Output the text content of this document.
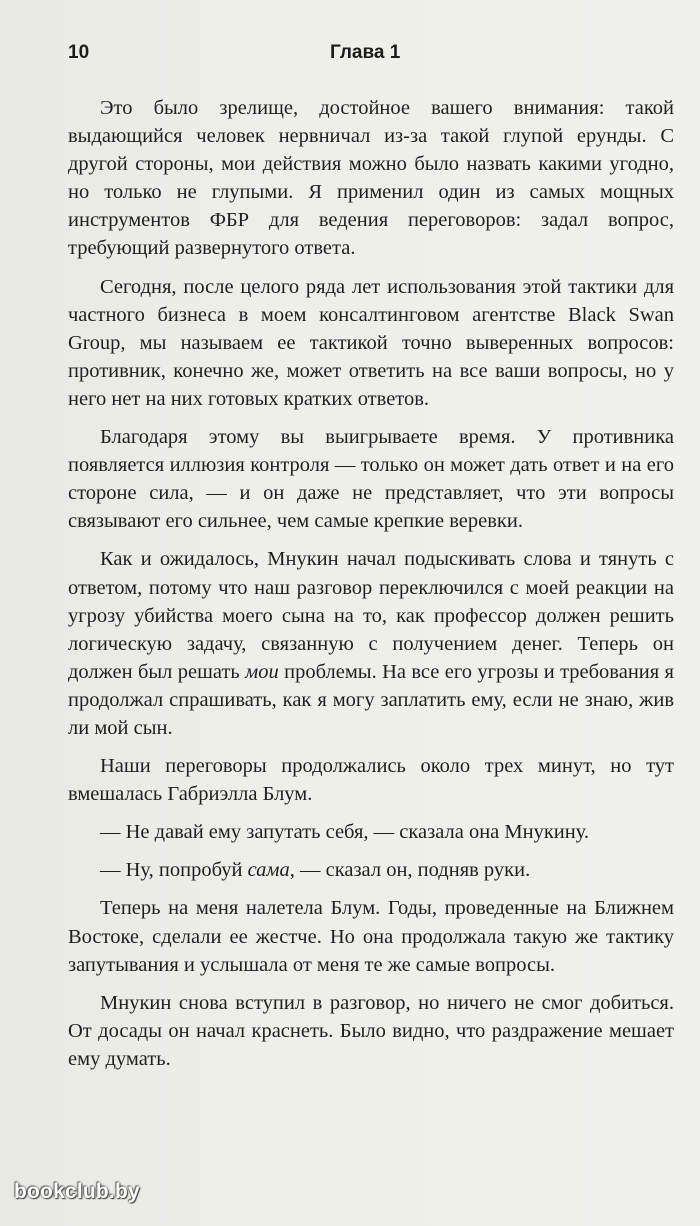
10	Глава 1

Это было зрелище, достойное вашего внимания: такой выдающийся человек нервничал из-за такой глупой ерунды. С другой стороны, мои действия можно было назвать какими угодно, но только не глупыми. Я применил один из самых мощных инструментов ФБР для ведения переговоров: задал вопрос, требующий развернутого ответа.

Сегодня, после целого ряда лет использования этой тактики для частного бизнеса в моем консалтинговом агентстве Black Swan Group, мы называем ее тактикой точно выверенных вопросов: противник, конечно же, может ответить на все ваши вопросы, но у него нет на них готовых кратких ответов.

Благодаря этому вы выигрываете время. У противника появляется иллюзия контроля — только он может дать ответ и на его стороне сила, — и он даже не представляет, что эти вопросы связывают его сильнее, чем самые крепкие веревки.

Как и ожидалось, Мнукин начал подыскивать слова и тянуть с ответом, потому что наш разговор переключился с моей реакции на угрозу убийства моего сына на то, как профессор должен решить логическую задачу, связанную с получением денег. Теперь он должен был решать мои проблемы. На все его угрозы и требования я продолжал спрашивать, как я могу заплатить ему, если не знаю, жив ли мой сын.

Наши переговоры продолжались около трех минут, но тут вмешалась Габриэлла Блум.

— Не давай ему запутать себя, — сказала она Мнукину.

— Ну, попробуй сама, — сказал он, подняв руки.

Теперь на меня налетела Блум. Годы, проведенные на Ближнем Востоке, сделали ее жестче. Но она продолжала такую же тактику запутывания и услышала от меня те же самые вопросы.

Мнукин снова вступил в разговор, но ничего не смог добиться. От досады он начал краснеть. Было видно, что раздражение мешает ему думать.

bookclub.by
